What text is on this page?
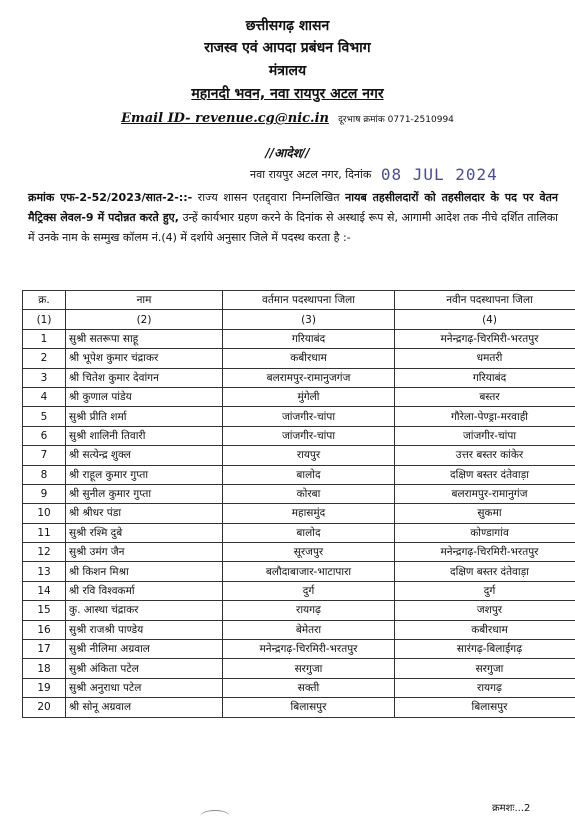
छत्तीसगढ़ शासन
राजस्व एवं आपदा प्रबंधन विभाग
मंत्रालय
महानदी भवन, नवा रायपुर अटल नगर
Email ID- revenue.cg@nic.in दूरभाष क्रमांक 0771-2510994
//आदेश//
नवा रायपुर अटल नगर, दिनांक 08 JUL 2024
क्रमांक एफ-2-52/2023/सात-2-::- राज्य शासन एतद्द्वारा निम्नलिखित नायब तहसीलदारों को तहसीलदार के पद पर वेतन मैट्रिक्स लेवल-9 में पदोन्नत करते हुए, उन्हें कार्यभार ग्रहण करने के दिनांक से अस्थाई रूप से, आगामी आदेश तक नीचे दर्शित तालिका में उनके नाम के सम्मुख कॉलम नं.(4) में दर्शाये अनुसार जिले में पदस्थ करता है :-
क्र.	नाम	वर्तमान पदस्थापना जिला	नवीन पदस्थापना जिला
(1)	(2)	(3)	(4)
1	सुश्री सतरूपा साहू	गरियाबंद	मनेन्द्रगढ़-चिरमिरी-भरतपुर
2	श्री भूपेश कुमार चंद्राकर	कबीरधाम	धमतरी
3	श्री चितेश कुमार देवांगन	बलरामपुर-रामानुजगंज	गरियाबंद
4	श्री कुणाल पांडेय	मुंगेली	बस्तर
5	सुश्री प्रीति शर्मा	जांजगीर-चांपा	गौरेला-पेण्ड्रा-मरवाही
6	सुश्री शालिनी तिवारी	जांजगीर-चांपा	जांजगीर-चांपा
7	श्री सत्येन्द्र शुक्ल	रायपुर	उत्तर बस्तर कांकेर
8	श्री राहूल कुमार गुप्ता	बालोद	दक्षिण बस्तर दंतेवाड़ा
9	श्री सुनील कुमार गुप्ता	कोरबा	बलरामपुर-रामानुगंज
10	श्री श्रीधर पंडा	महासमुंद	सुकमा
11	सुश्री रश्मि दुबे	बालोद	कोण्डागांव
12	सुश्री उमंग जैन	सूरजपुर	मनेन्द्रगढ़-चिरमिरी-भरतपुर
13	श्री किशन मिश्रा	बलौदाबाजार-भाटापारा	दक्षिण बस्तर दंतेवाड़ा
14	श्री रवि विश्वकर्मा	दुर्ग	दुर्ग
15	कु. आस्था चंद्राकर	रायगढ़	जशपुर
16	सुश्री राजश्री पाण्डेय	बेमेतरा	कबीरधाम
17	सुश्री नीलिमा अग्रवाल	मनेन्द्रगढ़-चिरमिरी-भरतपुर	सारंगढ़-बिलाईगढ़
18	सुश्री अंकिता पटेल	सरगुजा	सरगुजा
19	सुश्री अनुराधा पटेल	सक्ती	रायगढ़
20	श्री सोनू अग्रवाल	बिलासपुर	बिलासपुर
क्रमशः...2
